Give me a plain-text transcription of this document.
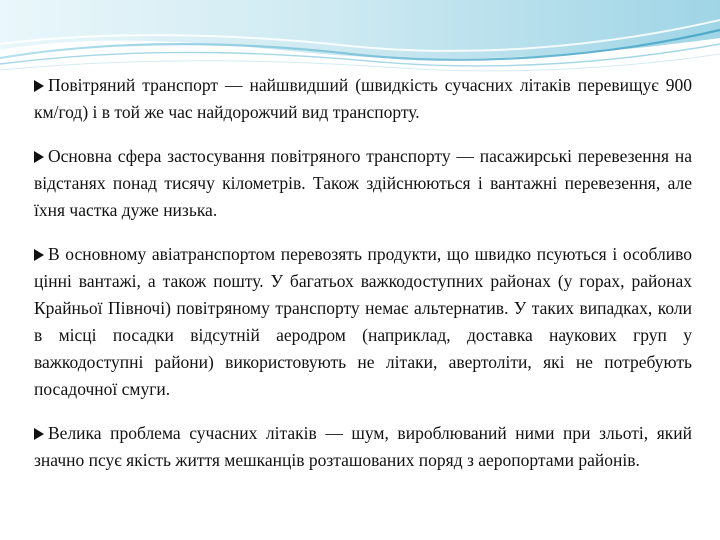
Повітряний транспорт — найшвидший (швидкість сучасних літаків перевищує 900 км/год) і в той же час найдорожчий вид транспорту.

Основна сфера застосування повітряного транспорту — пасажирські перевезення на відстанях понад тисячу кілометрів. Також здійснюються і вантажні перевезення, але їхня частка дуже низька.

В основному авіатранспортом перевозять продукти, що швидко псуються і особливо цінні вантажі, а також пошту. У багатьох важкодоступних районах (у горах, районах Крайньої Півночі) повітряному транспорту немає альтернатив. У таких випадках, коли в місці посадки відсутній аеродром (наприклад, доставка наукових груп у важкодоступні райони) використовують не літаки, авертоліти, які не потребують посадочної смуги.

Велика проблема сучасних літаків — шум, вироблюваний ними при зльоті, який значно псує якість життя мешканців розташованих поряд з аеропортами районів.
